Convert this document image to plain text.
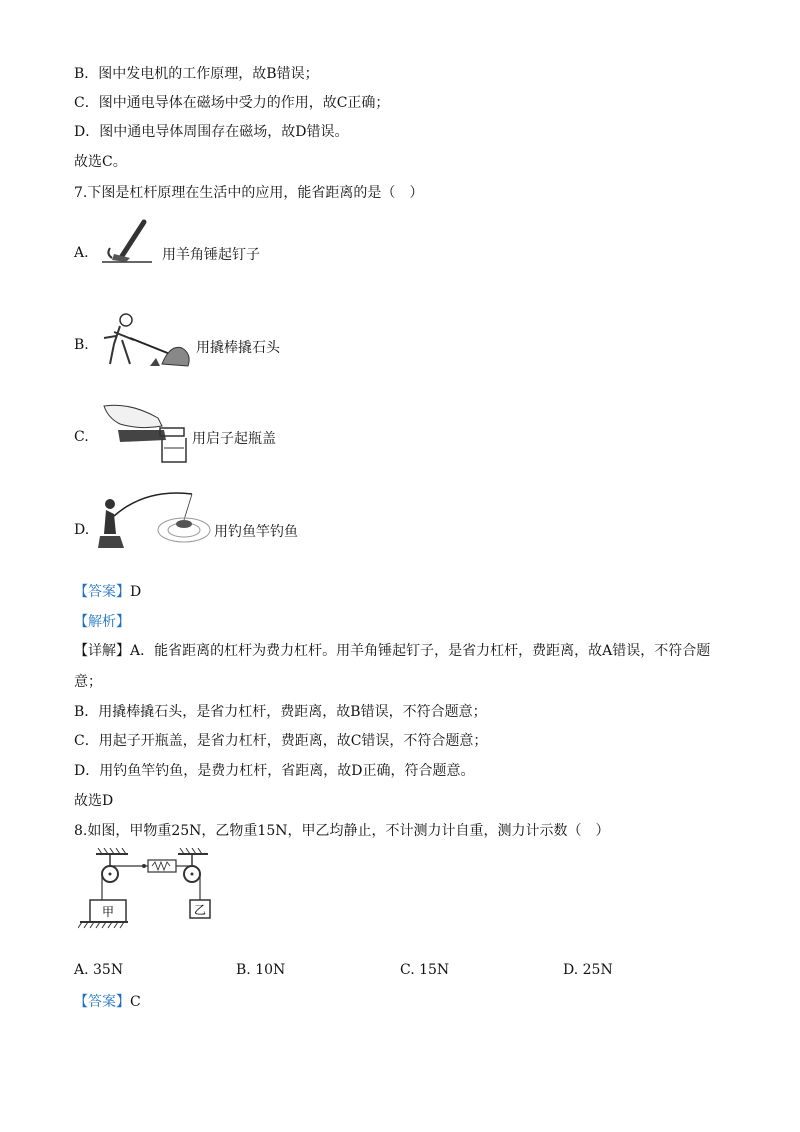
B．图中发电机的工作原理，故B错误；
C．图中通电导体在磁场中受力的作用，故C正确；
D．图中通电导体周围存在磁场，故D错误。
故选C。
7.下图是杠杆原理在生活中的应用，能省距离的是（　）
A.	用羊角锤起钉子
B.	用撬棒撬石头
C.	用启子起瓶盖
D.	用钓鱼竿钓鱼
【答案】D
【解析】
【详解】A．能省距离的杠杆为费力杠杆。用羊角锤起钉子，是省力杠杆，费距离，故A错误，不符合题
意；
B．用撬棒撬石头，是省力杠杆，费距离，故B错误，不符合题意；
C．用起子开瓶盖，是省力杠杆，费距离，故C错误，不符合题意；
D．用钓鱼竿钓鱼，是费力杠杆，省距离，故D正确，符合题意。
故选D
8.如图，甲物重25N，乙物重15N，甲乙均静止，不计测力计自重，测力计示数（　）
甲	乙
A. 35N	B. 10N	C. 15N	D. 25N
【答案】C
